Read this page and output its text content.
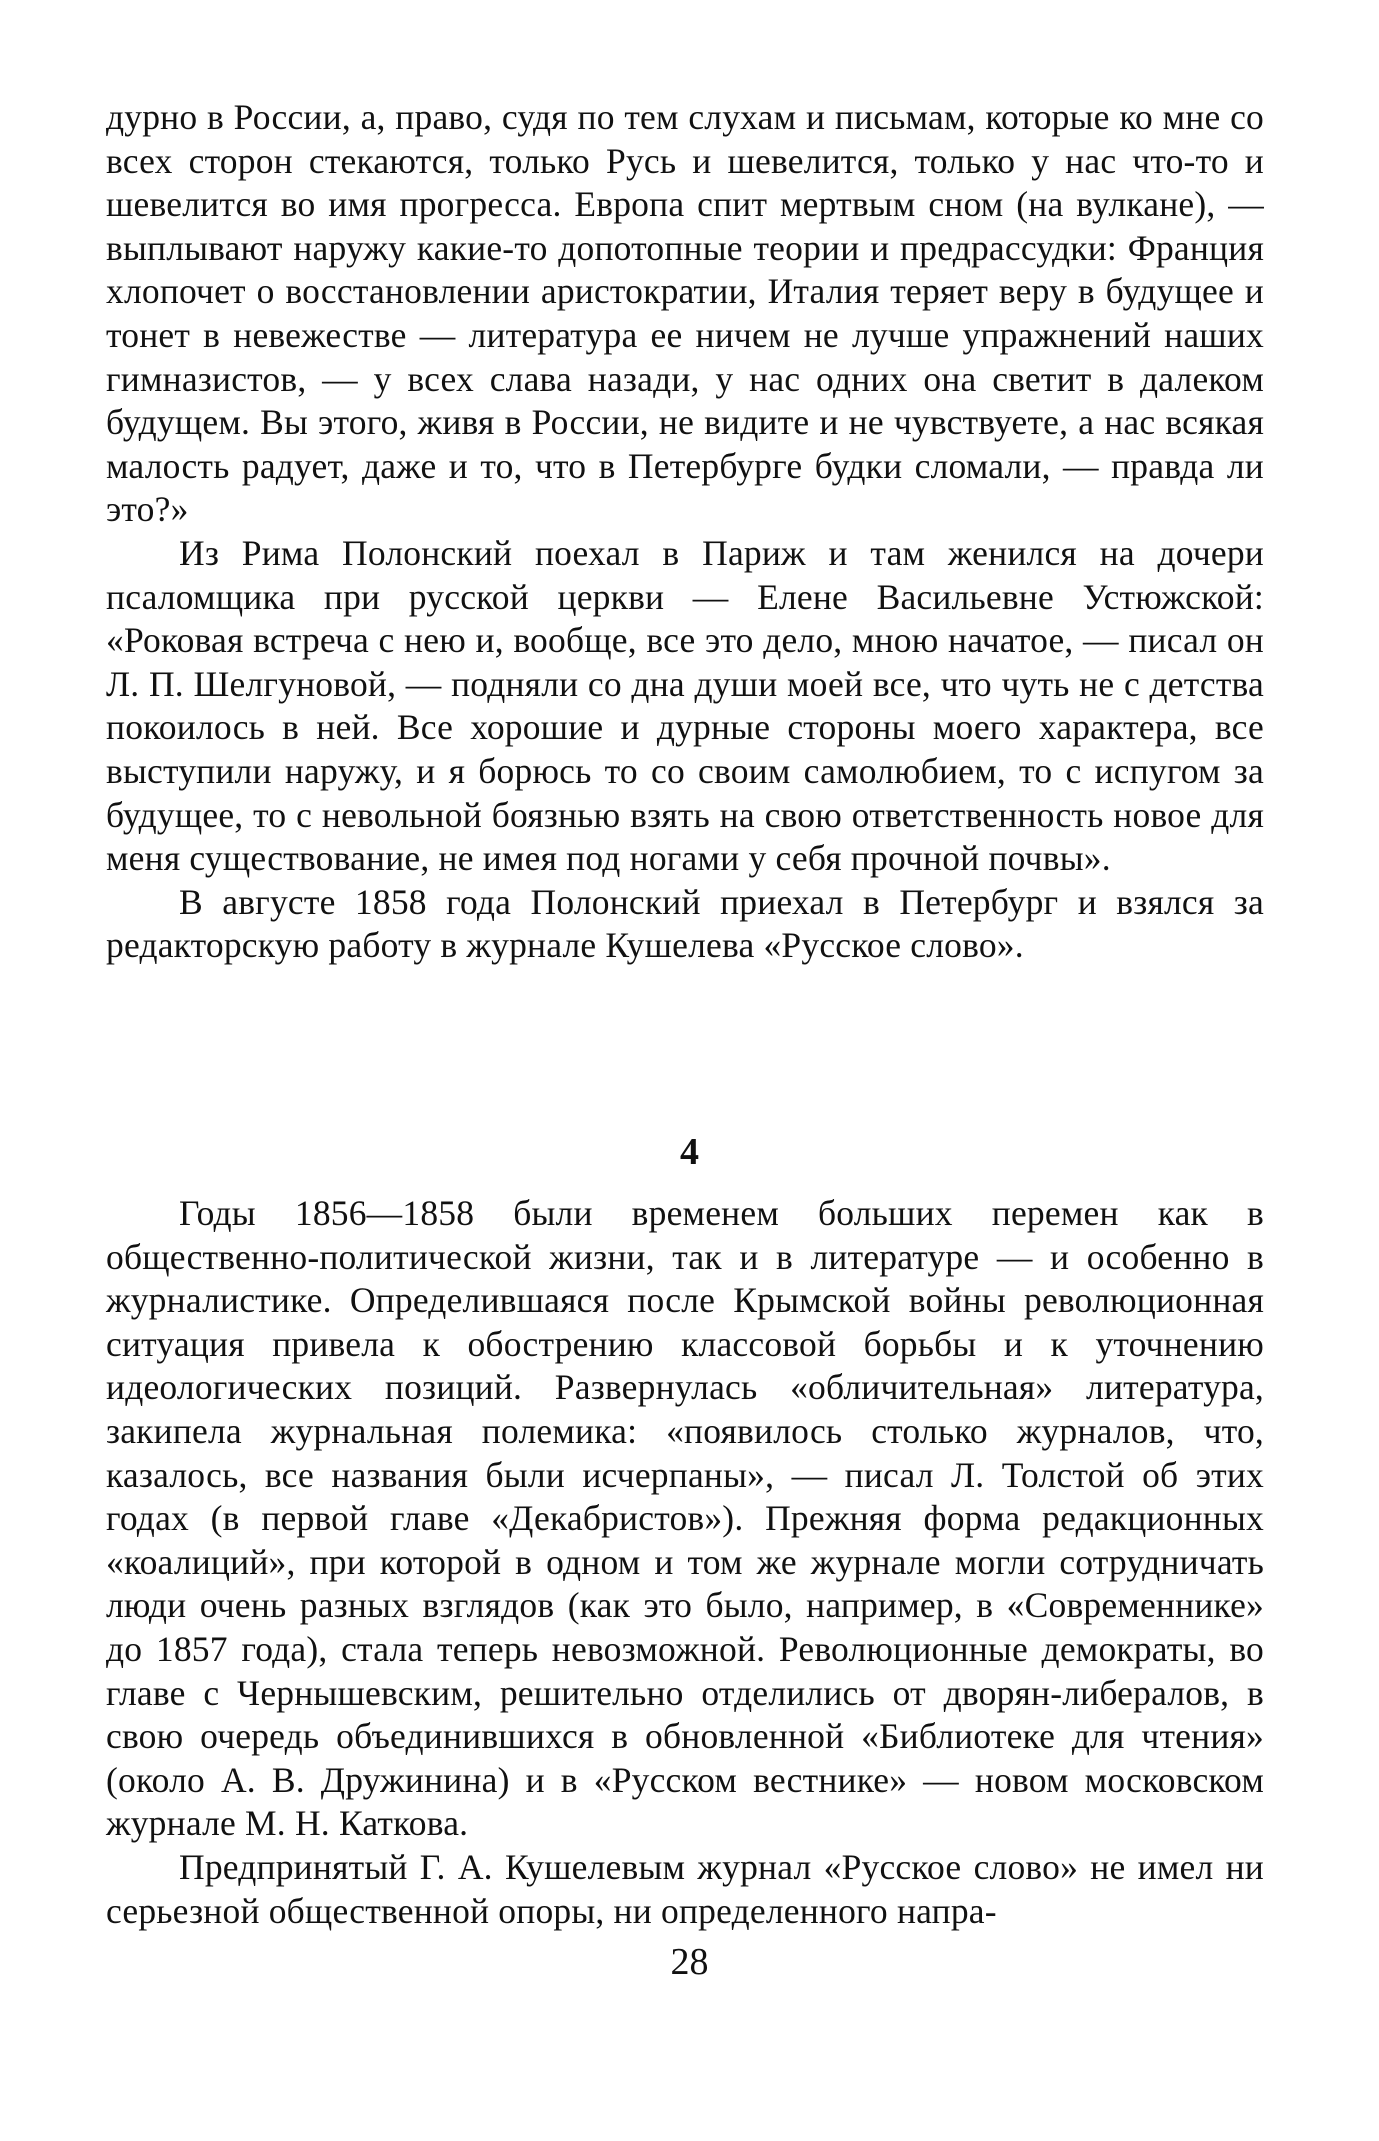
дурно в России, а, право, судя по тем слухам и письмам, которые ко мне со всех сторон стекаются, только Русь и шевелится, только у нас что-то и шевелится во имя прогресса. Европа спит мертвым сном (на вулкане), — выплывают наружу какие-то допотопные теории и предрассудки: Франция хлопочет о восстановлении аристократии, Италия теряет веру в будущее и тонет в невежестве — литература ее ничем не лучше упражнений наших гимназистов, — у всех слава назади, у нас одних она светит в далеком будущем. Вы этого, живя в России, не видите и не чувствуете, а нас всякая малость радует, даже и то, что в Петербурге будки сломали, — правда ли это?»

Из Рима Полонский поехал в Париж и там женился на дочери псаломщика при русской церкви — Елене Васильевне Устюжской: «Роковая встреча с нею и, вообще, все это дело, мною начатое, — писал он Л. П. Шелгуновой, — подняли со дна души моей все, что чуть не с детства покоилось в ней. Все хорошие и дурные стороны моего характера, все выступили наружу, и я борюсь то со своим самолюбием, то с испугом за будущее, то с невольной боязнью взять на свою ответственность новое для меня существование, не имея под ногами у себя прочной почвы».

В августе 1858 года Полонский приехал в Петербург и взялся за редакторскую работу в журнале Кушелева «Русское слово».

4

Годы 1856—1858 были временем больших перемен как в общественно-политической жизни, так и в литературе — и особенно в журналистике. Определившаяся после Крымской войны революционная ситуация привела к обострению классовой борьбы и к уточнению идеологических позиций. Развернулась «обличительная» литература, закипела журнальная полемика: «появилось столько журналов, что, казалось, все названия были исчерпаны», — писал Л. Толстой об этих годах (в первой главе «Декабристов»). Прежняя форма редакционных «коалиций», при которой в одном и том же журнале могли сотрудничать люди очень разных взглядов (как это было, например, в «Современнике» до 1857 года), стала теперь невозможной. Революционные демократы, во главе с Чернышевским, решительно отделились от дворян-либералов, в свою очередь объединившихся в обновленной «Библиотеке для чтения» (около А. В. Дружинина) и в «Русском вестнике» — новом московском журнале М. Н. Каткова.

Предпринятый Г. А. Кушелевым журнал «Русское слово» не имел ни серьезной общественной опоры, ни определенного напра-

28
